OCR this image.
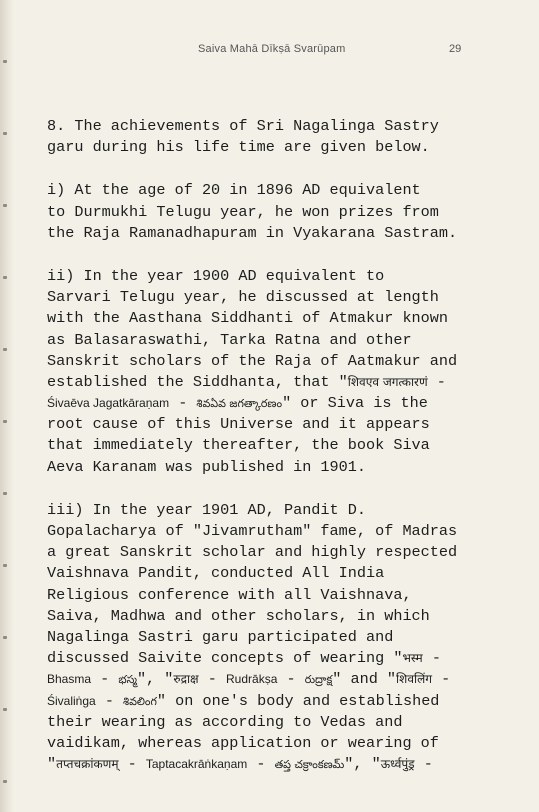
Saiva Mahā Dīkṣā Svarūpam	29
8. The achievements of Sri Nagalinga Sastry
garu during his life time are given below.
i) At the age of 20 in 1896 AD equivalent
to Durmukhi Telugu year, he won prizes from
the Raja Ramanadhapuram in Vyakarana Sastram.
ii) In the year 1900 AD equivalent to
Sarvari Telugu year, he discussed at length
with the Aasthana Siddhanti of Atmakur known
as Balasaraswathi, Tarka Ratna and other
Sanskrit scholars of the Raja of Aatmakur and
established the Siddhanta, that "शिवएव जगत्कारणं -
Śivaēva Jagatkāraṇam - శివఏవ జగత్కారణం" or Siva is the
root cause of this Universe and it appears
that immediately thereafter, the book Siva
Aeva Karanam was published in 1901.
iii) In the year 1901 AD, Pandit D.
Gopalacharya of "Jivamrutham" fame, of Madras
a great Sanskrit scholar and highly respected
Vaishnava Pandit, conducted All India
Religious conference with all Vaishnava,
Saiva, Madhwa and other scholars, in which
Nagalinga Sastri garu participated and
discussed Saivite concepts of wearing "भस्म -
Bhasma - భస్మ", "रुद्राक्ष - Rudrākṣa - రుద్రాక్ష" and "शिवलिंग -
Śivaliṅga - శివలింగ" on one's body and established
their wearing as according to Vedas and
vaidikam, whereas application or wearing of
"तप्तचक्रांकणम् - Taptacakrāṅkaṇam - తప్త చక్రాంకణమ్", "ऊर्ध्वपुंड्र -
